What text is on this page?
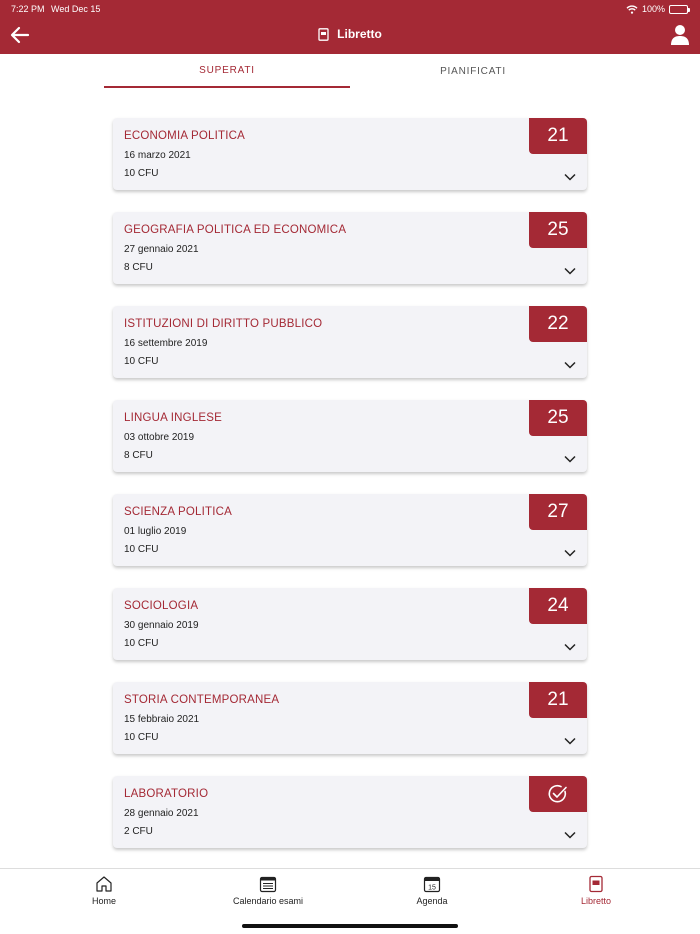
7:22 PM Wed Dec 15	100%
Libretto
SUPERATI	PIANIFICATI
ECONOMIA POLITICA
16 marzo 2021
10 CFU
21
GEOGRAFIA POLITICA ED ECONOMICA
27 gennaio 2021
8 CFU
25
ISTITUZIONI DI DIRITTO PUBBLICO
16 settembre 2019
10 CFU
22
LINGUA INGLESE
03 ottobre 2019
8 CFU
25
SCIENZA POLITICA
01 luglio 2019
10 CFU
27
SOCIOLOGIA
30 gennaio 2019
10 CFU
24
STORIA CONTEMPORANEA
15 febbraio 2021
10 CFU
21
LABORATORIO
28 gennaio 2021
2 CFU
Home	Calendario esami
15
Agenda	Libretto
